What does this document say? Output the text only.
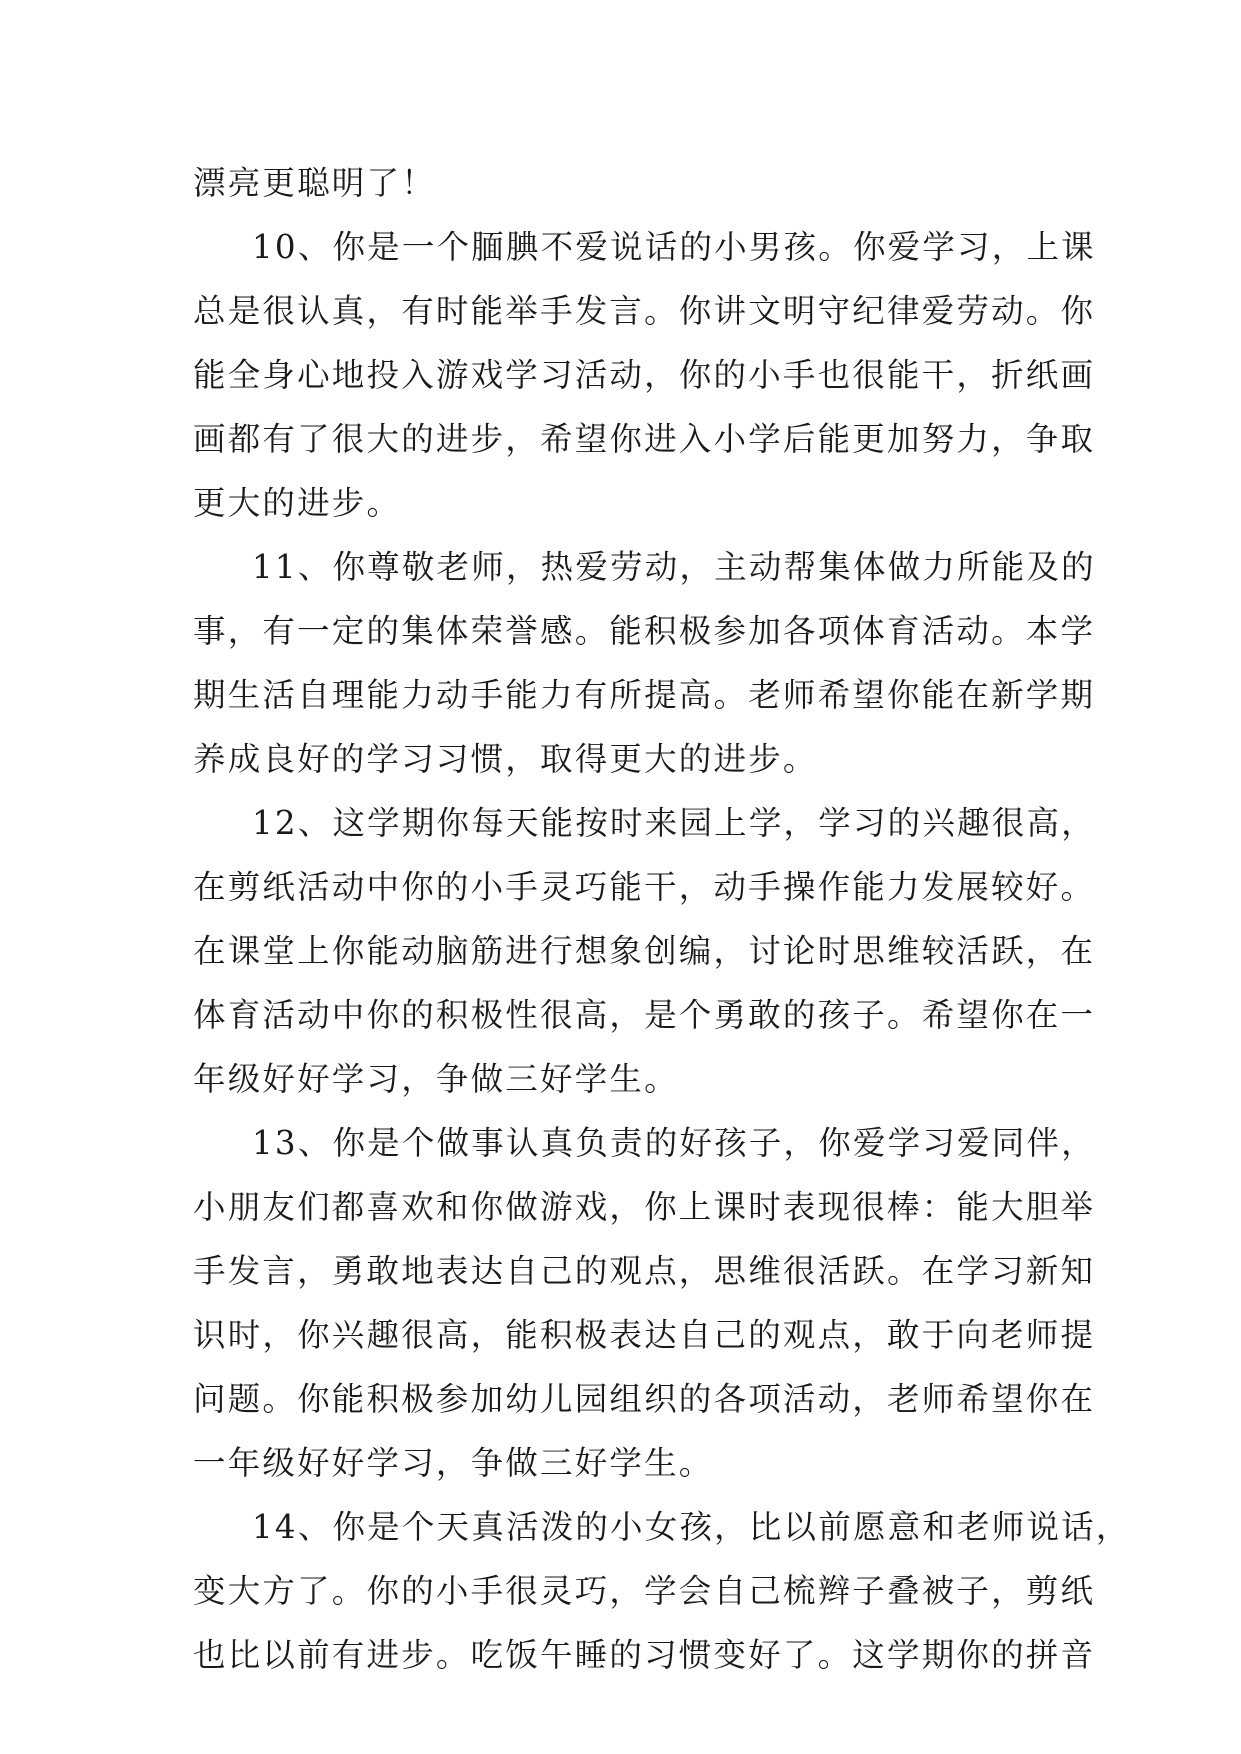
漂亮更聪明了！

10、你是一个腼腆不爱说话的小男孩。你爱学习，上课
总是很认真，有时能举手发言。你讲文明守纪律爱劳动。你
能全身心地投入游戏学习活动，你的小手也很能干，折纸画
画都有了很大的进步，希望你进入小学后能更加努力，争取
更大的进步。

11、你尊敬老师，热爱劳动，主动帮集体做力所能及的
事，有一定的集体荣誉感。能积极参加各项体育活动。本学
期生活自理能力动手能力有所提高。老师希望你能在新学期
养成良好的学习习惯，取得更大的进步。

12、这学期你每天能按时来园上学，学习的兴趣很高，
在剪纸活动中你的小手灵巧能干，动手操作能力发展较好。
在课堂上你能动脑筋进行想象创编，讨论时思维较活跃，在
体育活动中你的积极性很高，是个勇敢的孩子。希望你在一
年级好好学习，争做三好学生。

13、你是个做事认真负责的好孩子，你爱学习爱同伴，
小朋友们都喜欢和你做游戏，你上课时表现很棒：能大胆举
手发言，勇敢地表达自己的观点，思维很活跃。在学习新知
识时，你兴趣很高，能积极表达自己的观点，敢于向老师提
问题。你能积极参加幼儿园组织的各项活动，老师希望你在
一年级好好学习，争做三好学生。

14、你是个天真活泼的小女孩，比以前愿意和老师说话，
变大方了。你的小手很灵巧，学会自己梳辫子叠被子，剪纸
也比以前有进步。吃饭午睡的习惯变好了。这学期你的拼音
